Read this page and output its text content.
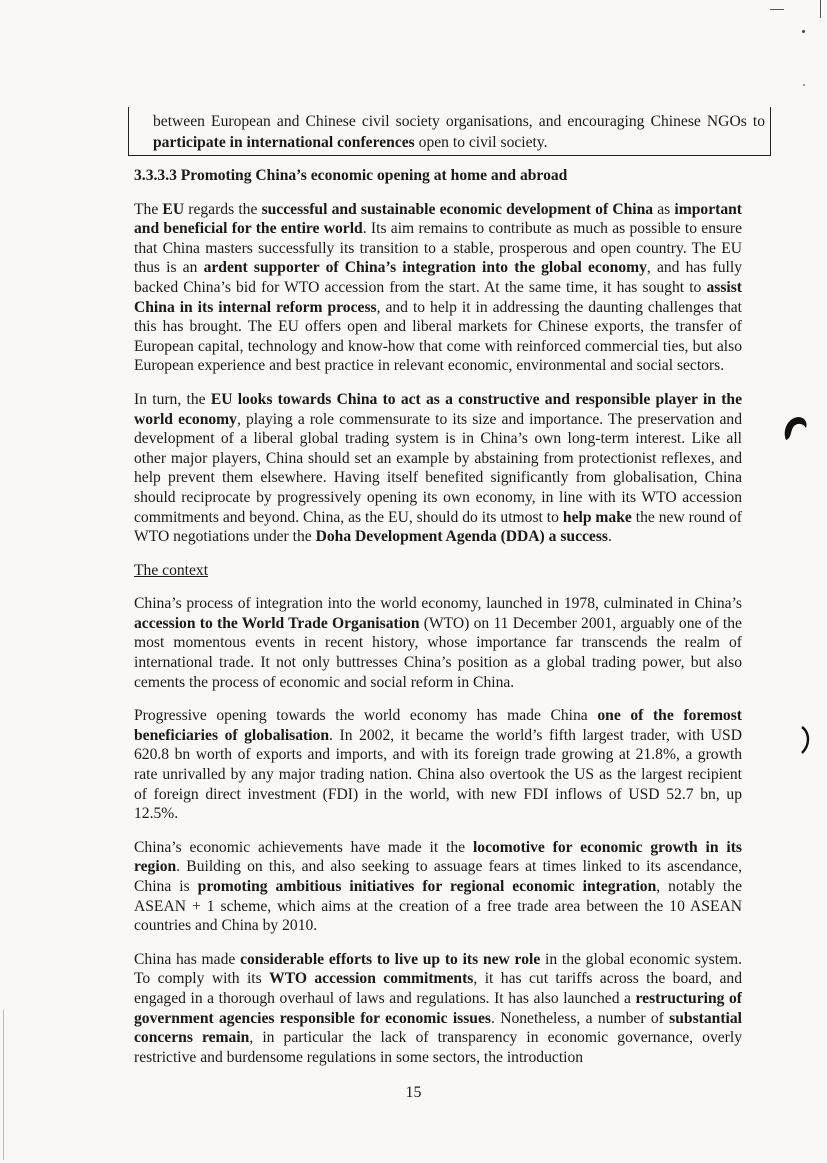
between European and Chinese civil society organisations, and encouraging Chinese NGOs to participate in international conferences open to civil society.
3.3.3.3 Promoting China’s economic opening at home and abroad

The EU regards the successful and sustainable economic development of China as important and beneficial for the entire world. Its aim remains to contribute as much as possible to ensure that China masters successfully its transition to a stable, prosperous and open country. The EU thus is an ardent supporter of China’s integration into the global economy, and has fully backed China’s bid for WTO accession from the start. At the same time, it has sought to assist China in its internal reform process, and to help it in addressing the daunting challenges that this has brought. The EU offers open and liberal markets for Chinese exports, the transfer of European capital, technology and know-how that come with reinforced commercial ties, but also European experience and best practice in relevant economic, environmental and social sectors.

In turn, the EU looks towards China to act as a constructive and responsible player in the world economy, playing a role commensurate to its size and importance. The preservation and development of a liberal global trading system is in China’s own long-term interest. Like all other major players, China should set an example by abstaining from protectionist reflexes, and help prevent them elsewhere. Having itself benefited significantly from globalisation, China should reciprocate by progressively opening its own economy, in line with its WTO accession commitments and beyond. China, as the EU, should do its utmost to help make the new round of WTO negotiations under the Doha Development Agenda (DDA) a success.

The context

China’s process of integration into the world economy, launched in 1978, culminated in China’s accession to the World Trade Organisation (WTO) on 11 December 2001, arguably one of the most momentous events in recent history, whose importance far transcends the realm of international trade. It not only buttresses China’s position as a global trading power, but also cements the process of economic and social reform in China.

Progressive opening towards the world economy has made China one of the foremost beneficiaries of globalisation. In 2002, it became the world’s fifth largest trader, with USD 620.8 bn worth of exports and imports, and with its foreign trade growing at 21.8%, a growth rate unrivalled by any major trading nation. China also overtook the US as the largest recipient of foreign direct investment (FDI) in the world, with new FDI inflows of USD 52.7 bn, up 12.5%.

China’s economic achievements have made it the locomotive for economic growth in its region. Building on this, and also seeking to assuage fears at times linked to its ascendance, China is promoting ambitious initiatives for regional economic integration, notably the ASEAN + 1 scheme, which aims at the creation of a free trade area between the 10 ASEAN countries and China by 2010.

China has made considerable efforts to live up to its new role in the global economic system. To comply with its WTO accession commitments, it has cut tariffs across the board, and engaged in a thorough overhaul of laws and regulations. It has also launched a restructuring of government agencies responsible for economic issues. Nonetheless, a number of substantial concerns remain, in particular the lack of transparency in economic governance, overly restrictive and burdensome regulations in some sectors, the introduction

15
